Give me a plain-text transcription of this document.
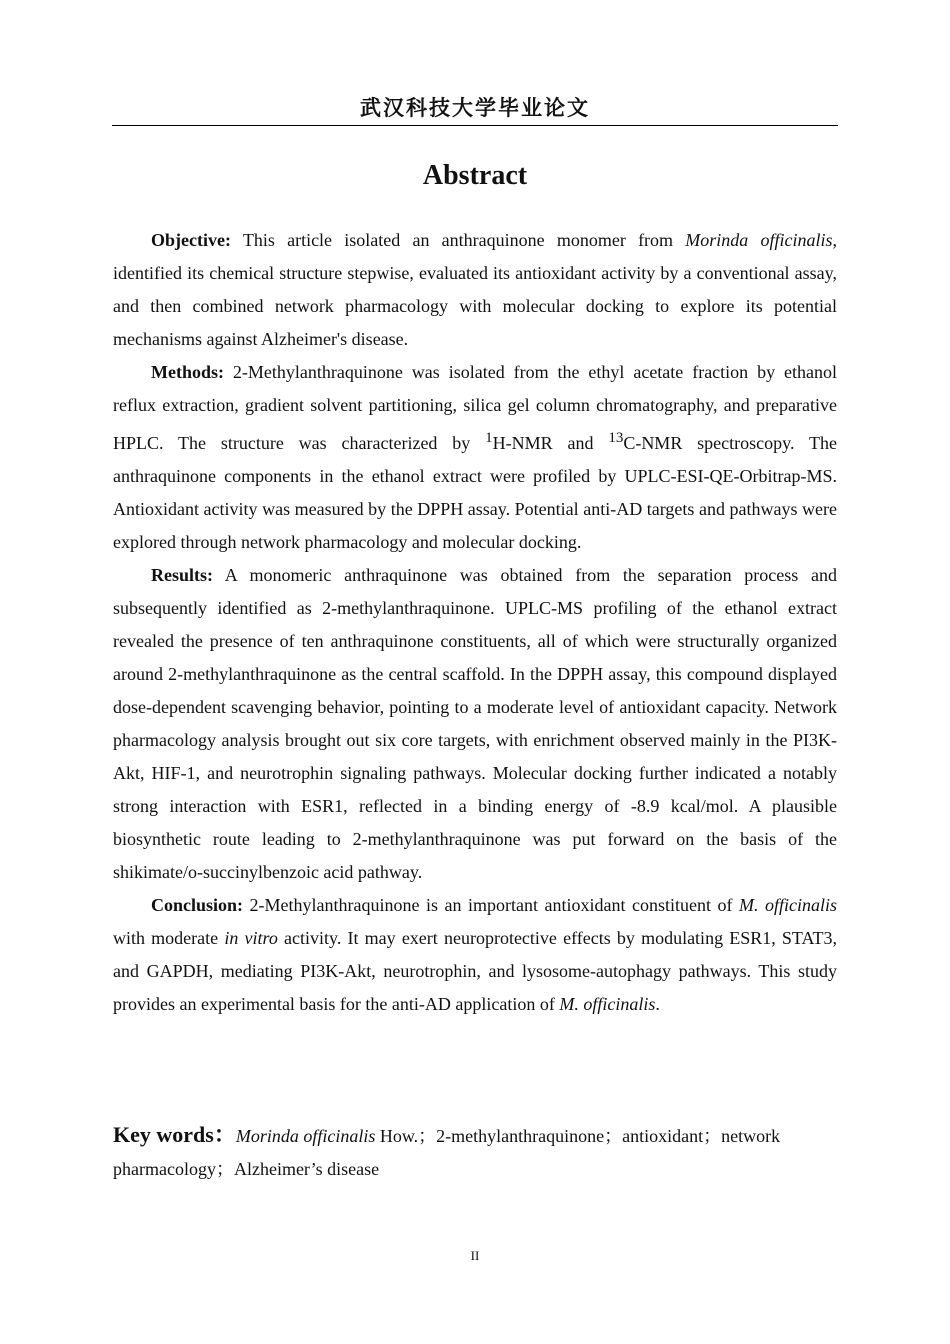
武汉科技大学毕业论文
Abstract

Objective: This article isolated an anthraquinone monomer from Morinda officinalis, identified its chemical structure stepwise, evaluated its antioxidant activity by a conventional assay, and then combined network pharmacology with molecular docking to explore its potential mechanisms against Alzheimer's disease.

Methods: 2-Methylanthraquinone was isolated from the ethyl acetate fraction by ethanol reflux extraction, gradient solvent partitioning, silica gel column chromatography, and preparative HPLC. The structure was characterized by $^1$H-NMR and $^{13}$C-NMR spectroscopy. The anthraquinone components in the ethanol extract were profiled by UPLC-ESI-QE-Orbitrap-MS. Antioxidant activity was measured by the DPPH assay. Potential anti-AD targets and pathways were explored through network pharmacology and molecular docking.

Results: A monomeric anthraquinone was obtained from the separation process and subsequently identified as 2-methylanthraquinone. UPLC-MS profiling of the ethanol extract revealed the presence of ten anthraquinone constituents, all of which were structurally organized around 2-methylanthraquinone as the central scaffold. In the DPPH assay, this compound displayed dose-dependent scavenging behavior, pointing to a moderate level of antioxidant capacity. Network pharmacology analysis brought out six core targets, with enrichment observed mainly in the PI3K-Akt, HIF-1, and neurotrophin signaling pathways. Molecular docking further indicated a notably strong interaction with ESR1, reflected in a binding energy of -8.9 kcal/mol. A plausible biosynthetic route leading to 2-methylanthraquinone was put forward on the basis of the shikimate/o-succinylbenzoic acid pathway.

Conclusion: 2-Methylanthraquinone is an important antioxidant constituent of M. officinalis with moderate in vitro activity. It may exert neuroprotective effects by modulating ESR1, STAT3, and GAPDH, mediating PI3K-Akt, neurotrophin, and lysosome-autophagy pathways. This study provides an experimental basis for the anti-AD application of M. officinalis.

Key words：Morinda officinalis How.；2-methylanthraquinone；antioxidant；network pharmacology；Alzheimer’s disease
II
